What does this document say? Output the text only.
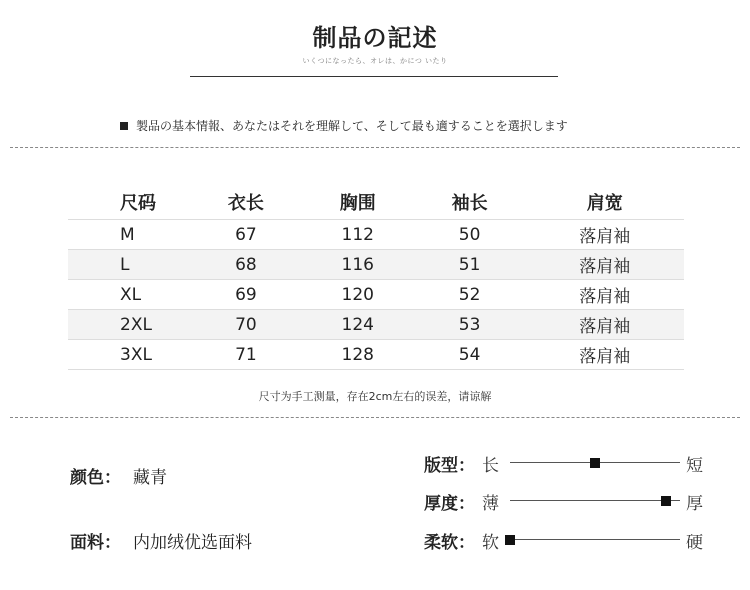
制品の記述
いくつになったら、オレは、かにつ いたり
製品の基本情報、あなたはそれを理解して、そして最も適することを選択します
尺码	衣长	胸围	袖长	肩宽
M	67	112	50	落肩袖
L	68	116	51	落肩袖
XL	69	120	52	落肩袖
2XL	70	124	53	落肩袖
3XL	71	128	54	落肩袖
尺寸为手工测量，存在2cm左右的误差，请谅解
颜色： 藏青
面料： 内加绒优选面料
版型： 长	短
厚度： 薄	厚
柔软： 软	硬
